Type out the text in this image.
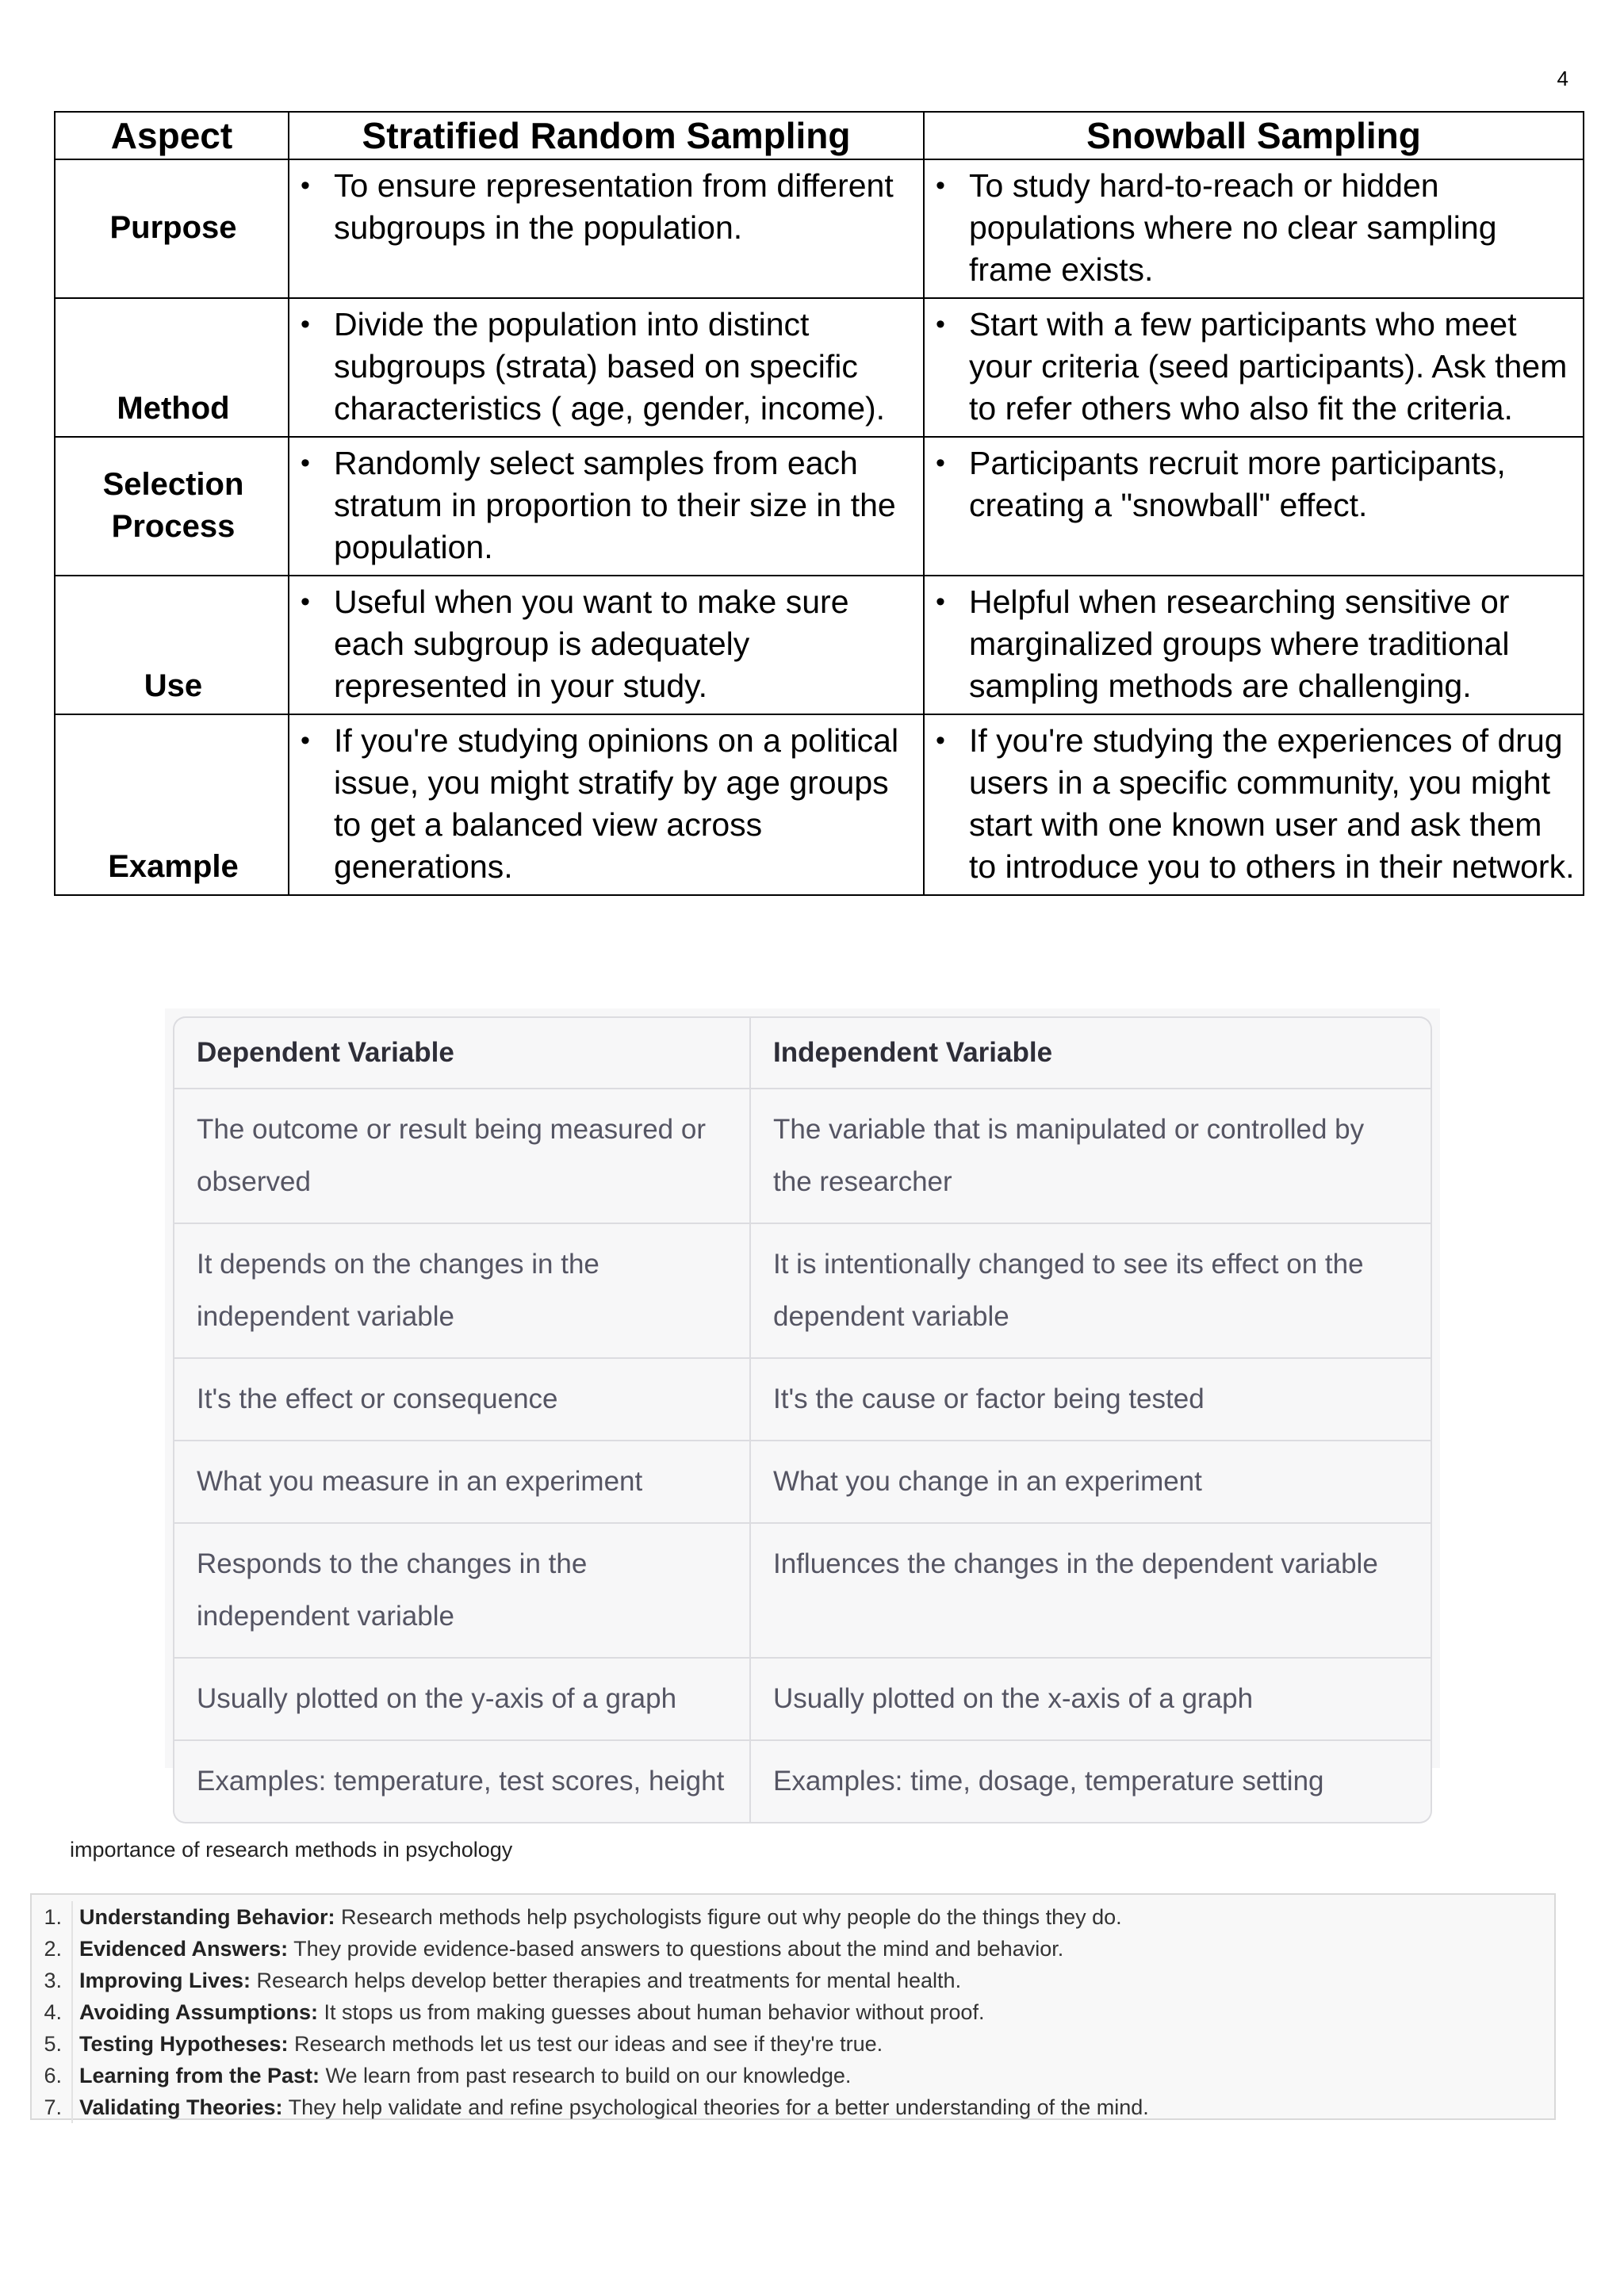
4
Aspect	Stratified Random Sampling	Snowball Sampling
Purpose	• To ensure representation from different subgroups in the population.	• To study hard-to-reach or hidden populations where no clear sampling frame exists.

Method	• Divide the population into distinct subgroups (strata) based on specific characteristics ( age, gender, income).	• Start with a few participants who meet your criteria (seed participants). Ask them to refer others who also fit the criteria.

Selection Process	• Randomly select samples from each stratum in proportion to their size in the population.	• Participants recruit more participants, creating a "snowball" effect.

Use	• Useful when you want to make sure each subgroup is adequately represented in your study.	• Helpful when researching sensitive or marginalized groups where traditional sampling methods are challenging.

Example	• If you're studying opinions on a political issue, you might stratify by age groups to get a balanced view across generations.	• If you're studying the experiences of drug users in a specific community, you might start with one known user and ask them to introduce you to others in their network.
Dependent Variable	Independent Variable
The outcome or result being measured or observed	The variable that is manipulated or controlled by the researcher
It depends on the changes in the independent variable	It is intentionally changed to see its effect on the dependent variable
It's the effect or consequence	It's the cause or factor being tested
What you measure in an experiment	What you change in an experiment
Responds to the changes in the independent variable	Influences the changes in the dependent variable
Usually plotted on the y-axis of a graph	Usually plotted on the x-axis of a graph
Examples: temperature, test scores, height	Examples: time, dosage, temperature setting
importance of research methods in psychology
1. Understanding Behavior: Research methods help psychologists figure out why people do the things they do.
2. Evidenced Answers: They provide evidence-based answers to questions about the mind and behavior.
3. Improving Lives: Research helps develop better therapies and treatments for mental health.
4. Avoiding Assumptions: It stops us from making guesses about human behavior without proof.
5. Testing Hypotheses: Research methods let us test our ideas and see if they're true.
6. Learning from the Past: We learn from past research to build on our knowledge.
7. Validating Theories: They help validate and refine psychological theories for a better understanding of the mind.
